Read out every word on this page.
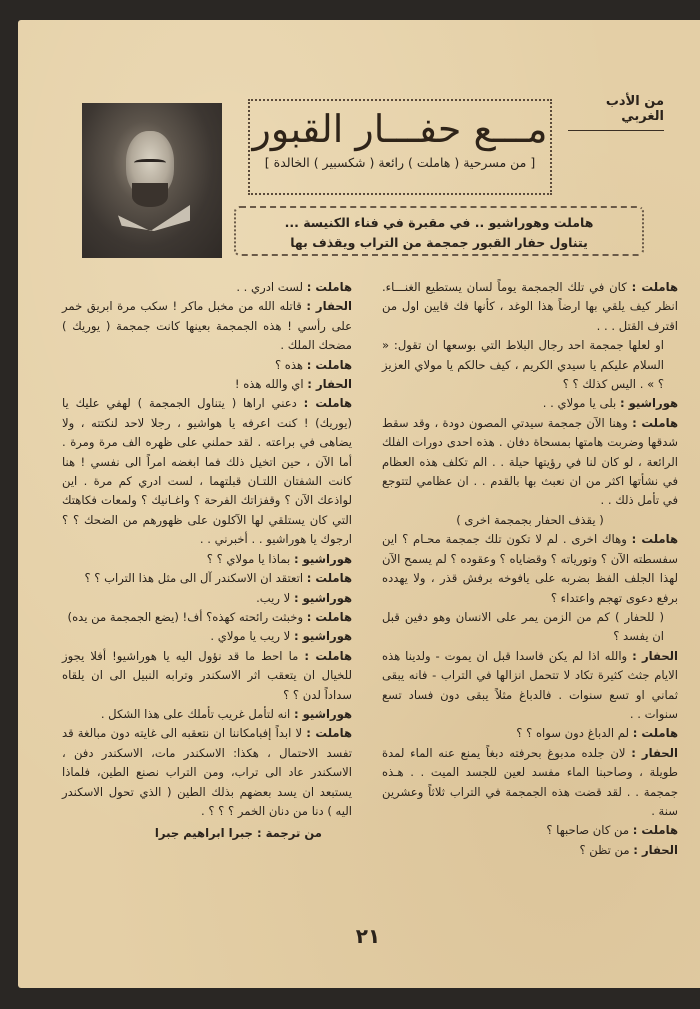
من الأدب الغربي
مـــع حفـــار القبور
[ من مسرحية ( هاملت ) رائعة ( شكسبير ) الخالدة ]
هاملت وهوراشيو .. في مقبرة في فناء الكنيسة ...
يتناول حفار القبور جمجمة من التراب ويقذف بها

هاملت : كان في تلك الجمجمة يوماً لسان يستطيع الغنـــاء. انظر كيف يلقي بها ارضاً هذا الوغد ، كأنها فك قايين اول من اقترف القتل . . .

او لعلها جمجمة احد رجال البلاط التي بوسعها ان تقول: « السلام عليكم يا سيدي الكريم ، كيف حالكم يا مولاي العزيز ؟ » . اليس كذلك ؟ ؟

هوراشيو : بلى يا مولاي . .

هاملت : وهنا الآن جمجمة سيدتي المصون دودة ، وقد سقط شدقها وضربت هامتها بمسحاة دفان . هذه احدى دورات الفلك الرائعة ، لو كان لنا في رؤيتها حيلة . . الم تكلف هذه العظام في نشأتها اكثر من ان نعبث بها بالقدم . . ان عظامي لتتوجع في تأمل ذلك . .

( يقذف الحفار بجمجمة اخرى )

هاملت : وهاك اخرى . لم لا تكون تلك جمجمة محـام ؟ اين سفسطته الآن ؟ وتورياته ؟ وقضاياه ؟ وعقوده ؟ لم يسمح الآن لهذا الجلف الفظ بضربه على يافوخه برفش قذر ، ولا يهدده برفع دعوى تهجم واعتداء ؟

( للحفار ) كم من الزمن يمر على الانسان وهو دفين قبل ان يفسد ؟

الحفار : والله اذا لم يكن فاسدا قبل ان يموت - ولدينا هذه الايام جثث كثيرة تكاد لا تتحمل انزالها في التراب - فانه يبقى ثماني او تسع سنوات . فالدباغ مثلاً يبقى دون فساد تسع سنوات . .

هاملت : لم الدباغ دون سواه ؟ ؟

الحفار : لان جلده مدبوغ بحرفته دبغاً يمنع عنه الماء لمدة طويلة ، وصاحبنا الماء مفسد لعين للجسد الميت . . هـذه جمجمة . . لقد قضت هذه الجمجمة في التراب ثلاثاً وعشرين سنة .

هاملت : من كان صاحبها ؟

الحفار : من تظن ؟

هاملت : لست ادري . .

الحفار : قاتله الله من مخبل ماكر ! سكب مرة ابريق خمر على رأسي ! هذه الجمجمة بعينها كانت جمجمة ( يوريك ) مضحك الملك .

هاملت : هذه ؟

الحفار : اي والله هذه !

هاملت : دعني اراها ( يتناول الجمجمة ) لهفي عليك يا (يوريك) ! كنت اعرفه يا هواشيو ، رجلا لاحد لنكتته ، ولا يضاهى في براعته . لقد حملني على ظهره الف مرة ومرة . أما الآن ، حين اتخيل ذلك فما ابغضه امراً الى نفسي ! هنا كانت الشفتان اللتـان قبلتهما ، لست ادري كم مرة . اين لواذعك الآن ؟ وقفزاتك الفرحة ؟ واغـانيك ؟ ولمعات فكاهتك التي كان يستلقي لها الآكلون على ظهورهم من الضحك ؟ ؟ ارجوك يا هوراشيو . . أخبرني . .

هوراشيو : بماذا يا مولاي ؟ ؟

هاملت : اتعتقد ان الاسكندر آل الى مثل هذا التراب ؟ ؟

هوراشيو : لا ريب.

هاملت : وخبثت رائحته كهذه؟ أف! (يضع الجمجمة من يده)

هوراشيو : لا ريب يا مولاي .

هاملت : ما احط ما قد نؤول اليه يا هوراشيو! أفلا يجوز للخيال ان يتعقب اثر الاسكندر وترابه النبيل الى ان يلقاه سداداً لدن ؟ ؟

هوراشيو : انه لتأمل غريب تأملك على هذا الشكل .

هاملت : لا ابداً إفبامكاننا ان نتعقبه الى غايته دون مبالغة قد تفسد الاحتمال ، هكذا: الاسكندر مات، الاسكندر دفن ، الاسكندر عاد الى تراب، ومن التراب نصنع الطين، فلماذا يستبعد ان يسد بعضهم بذلك الطين ( الذي تحول الاسكندر اليه ) دنا من دنان الخمر ؟ ؟ ؟ .

من ترجمة : جبرا ابراهيم جبرا

٢١
